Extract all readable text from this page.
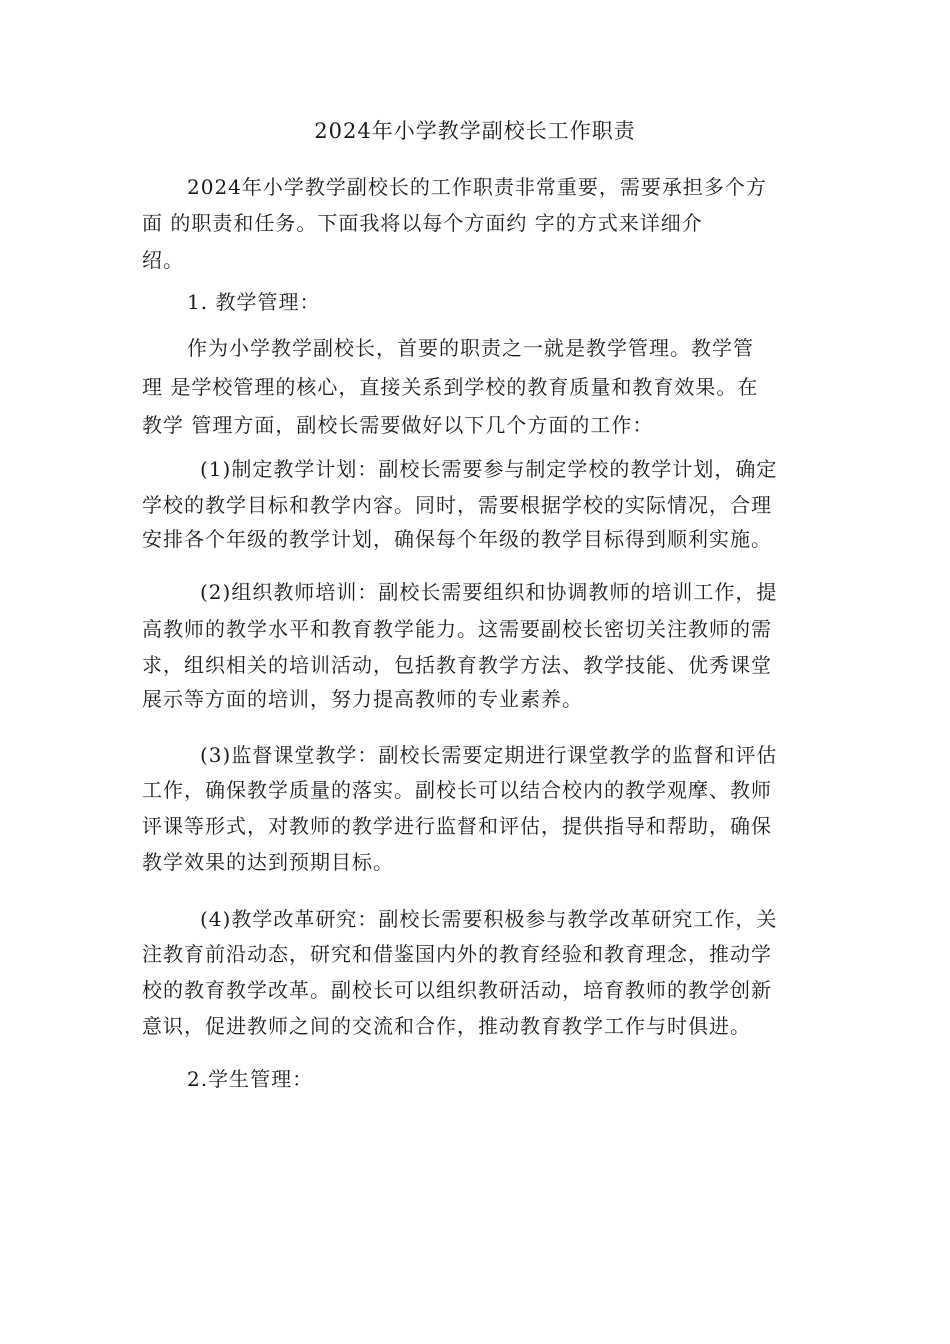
2024年小学教学副校长工作职责
2024年小学教学副校长的工作职责非常重要，需要承担多个方
面 的职责和任务。下面我将以每个方面约 字的方式来详细介
绍。
1. 教学管理：
作为小学教学副校长，首要的职责之一就是教学管理。教学管
理 是学校管理的核心，直接关系到学校的教育质量和教育效果。在
教学 管理方面，副校长需要做好以下几个方面的工作：
(1)制定教学计划：副校长需要参与制定学校的教学计划，确定
学校的教学目标和教学内容。同时，需要根据学校的实际情况，合理
安排各个年级的教学计划，确保每个年级的教学目标得到顺利实施。
(2)组织教师培训：副校长需要组织和协调教师的培训工作，提
高教师的教学水平和教育教学能力。这需要副校长密切关注教师的需
求，组织相关的培训活动，包括教育教学方法、教学技能、优秀课堂
展示等方面的培训，努力提高教师的专业素养。
(3)监督课堂教学：副校长需要定期进行课堂教学的监督和评估
工作，确保教学质量的落实。副校长可以结合校内的教学观摩、教师
评课等形式，对教师的教学进行监督和评估，提供指导和帮助，确保
教学效果的达到预期目标。
(4)教学改革研究：副校长需要积极参与教学改革研究工作，关
注教育前沿动态，研究和借鉴国内外的教育经验和教育理念，推动学
校的教育教学改革。副校长可以组织教研活动，培育教师的教学创新
意识，促进教师之间的交流和合作，推动教育教学工作与时俱进。
2.学生管理：
